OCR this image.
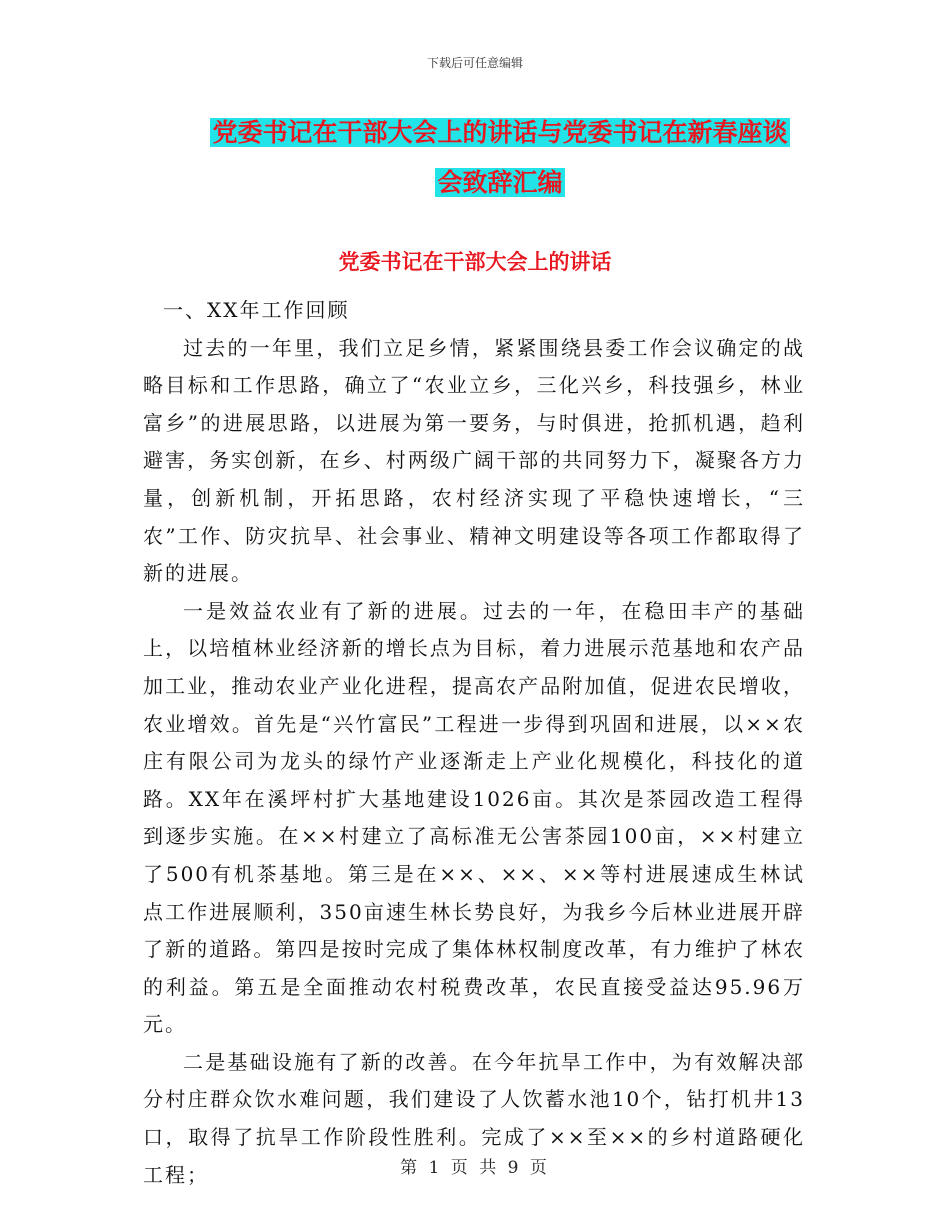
下载后可任意编辑
党委书记在干部大会上的讲话与党委书记在新春座谈
会致辞汇编
党委书记在干部大会上的讲话

一、XX年工作回顾

过去的一年里，我们立足乡情，紧紧围绕县委工作会议确定的战略目标和工作思路，确立了“农业立乡，三化兴乡，科技强乡，林业富乡”的进展思路，以进展为第一要务，与时俱进，抢抓机遇，趋利避害，务实创新，在乡、村两级广阔干部的共同努力下，凝聚各方力量，创新机制，开拓思路，农村经济实现了平稳快速增长，“三农”工作、防灾抗旱、社会事业、精神文明建设等各项工作都取得了新的进展。

一是效益农业有了新的进展。过去的一年，在稳田丰产的基础上，以培植林业经济新的增长点为目标，着力进展示范基地和农产品加工业，推动农业产业化进程，提高农产品附加值，促进农民增收，农业增效。首先是“兴竹富民”工程进一步得到巩固和进展，以××农庄有限公司为龙头的绿竹产业逐渐走上产业化规模化，科技化的道路。XX年在溪坪村扩大基地建设1026亩。其次是茶园改造工程得到逐步实施。在××村建立了高标准无公害茶园100亩，××村建立了500有机茶基地。第三是在××、××、××等村进展速成生林试点工作进展顺利，350亩速生林长势良好，为我乡今后林业进展开辟了新的道路。第四是按时完成了集体林权制度改革，有力维护了林农的利益。第五是全面推动农村税费改革，农民直接受益达95.96万元。

二是基础设施有了新的改善。在今年抗旱工作中，为有效解决部分村庄群众饮水难问题，我们建设了人饮蓄水池10个，钻打机井13口，取得了抗旱工作阶段性胜利。完成了××至××的乡村道路硬化工程；	第 1 页 共 9 页
